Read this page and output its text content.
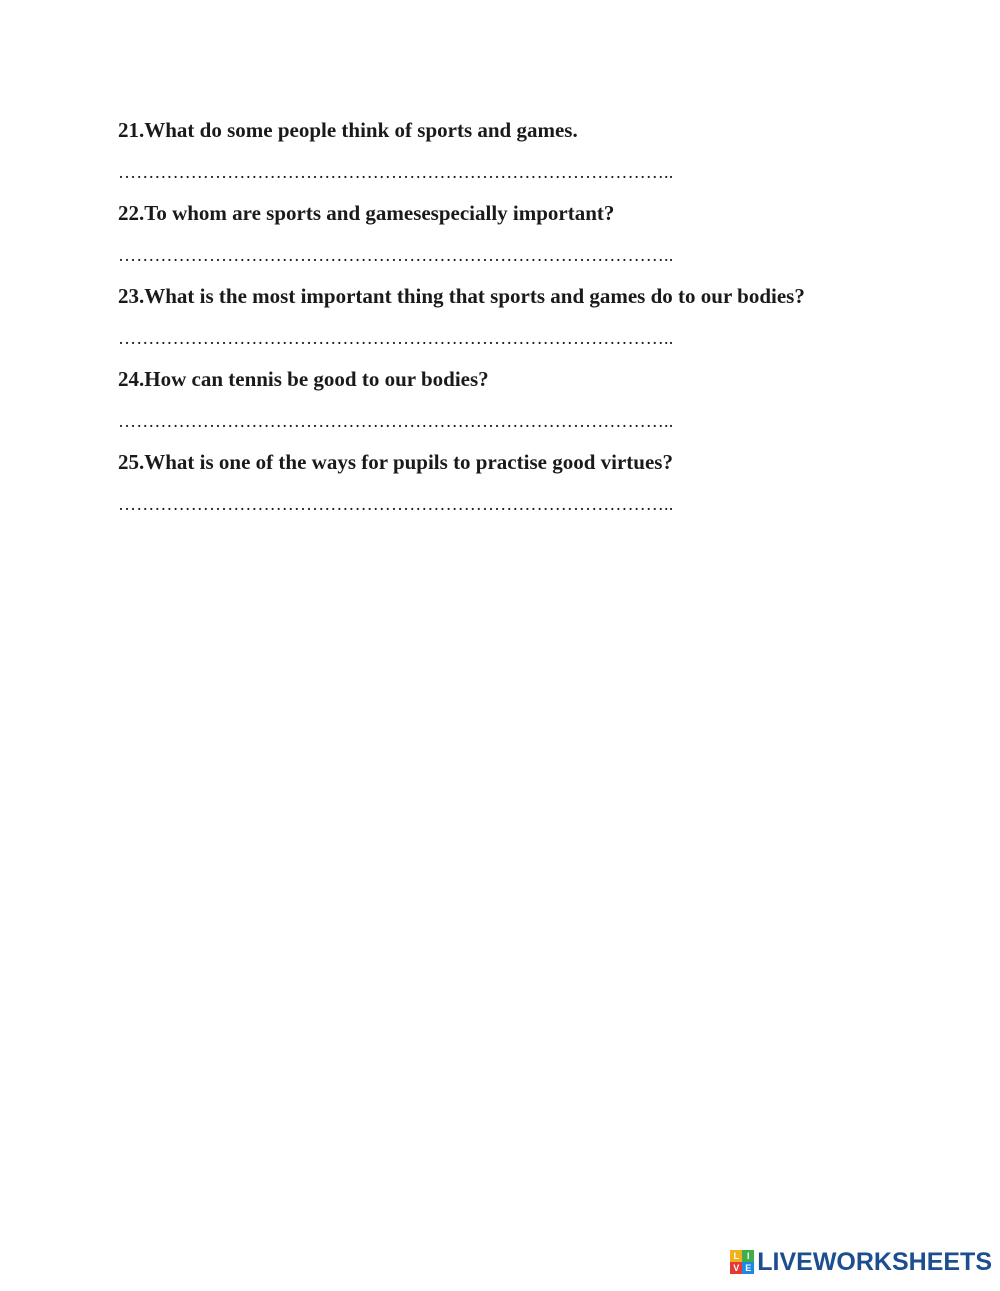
21.What do some people think of sports and games.

………………………………………………………………………………..

22.To whom are sports and gamesespecially important?

………………………………………………………………………………..

23.What is the most important thing that sports and games do to our bodies?

………………………………………………………………………………..

24.How can tennis be good to our bodies?

………………………………………………………………………………..

25.What is one of the ways for pupils to practise good virtues?

………………………………………………………………………………..
L I
V E LIVEWORKSHEETS
